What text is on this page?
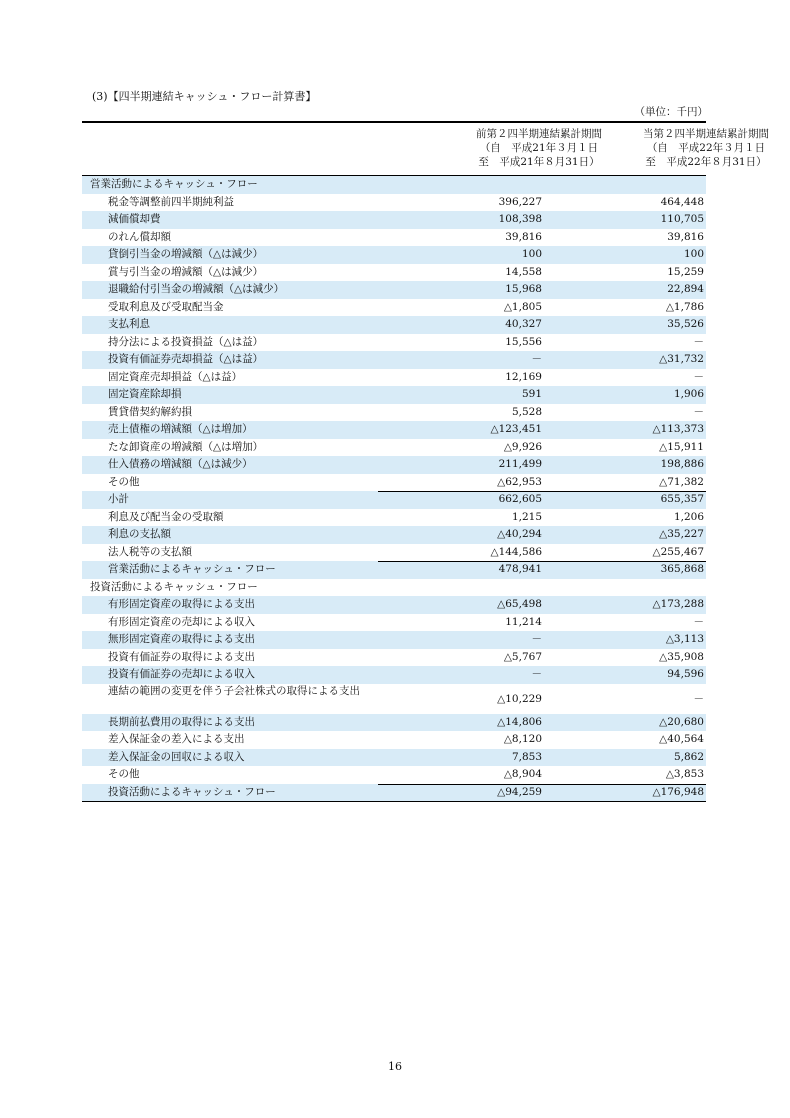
(3)【四半期連結キャッシュ・フロー計算書】
（単位：千円）
前第２四半期連結累計期間
（自　平成21年３月１日
至　平成21年８月31日）
当第２四半期連結累計期間
（自　平成22年３月１日
至　平成22年８月31日）
営業活動によるキャッシュ・フロー
税金等調整前四半期純利益	396,227	464,448
減価償却費	108,398	110,705
のれん償却額	39,816	39,816
貸倒引当金の増減額（△は減少）	100	100
賞与引当金の増減額（△は減少）	14,558	15,259
退職給付引当金の増減額（△は減少）	15,968	22,894
受取利息及び受取配当金	△1,805	△1,786
支払利息	40,327	35,526
持分法による投資損益（△は益）	15,556	－
投資有価証券売却損益（△は益）	－	△31,732
固定資産売却損益（△は益）	12,169	－
固定資産除却損	591	1,906
賃貸借契約解約損	5,528	－
売上債権の増減額（△は増加）	△123,451	△113,373
たな卸資産の増減額（△は増加）	△9,926	△15,911
仕入債務の増減額（△は減少）	211,499	198,886
その他	△62,953	△71,382
小計	662,605	655,357
利息及び配当金の受取額	1,215	1,206
利息の支払額	△40,294	△35,227
法人税等の支払額	△144,586	△255,467
営業活動によるキャッシュ・フロー	478,941	365,868
投資活動によるキャッシュ・フロー
有形固定資産の取得による支出	△65,498	△173,288
有形固定資産の売却による収入	11,214	－
無形固定資産の取得による支出	－	△3,113
投資有価証券の取得による支出	△5,767	△35,908
投資有価証券の売却による収入	－	94,596
連結の範囲の変更を伴う子会社株式の取得による支出
△10,229	－
長期前払費用の取得による支出	△14,806	△20,680
差入保証金の差入による支出	△8,120	△40,564
差入保証金の回収による収入	7,853	5,862
その他	△8,904	△3,853
投資活動によるキャッシュ・フロー	△94,259	△176,948
16
